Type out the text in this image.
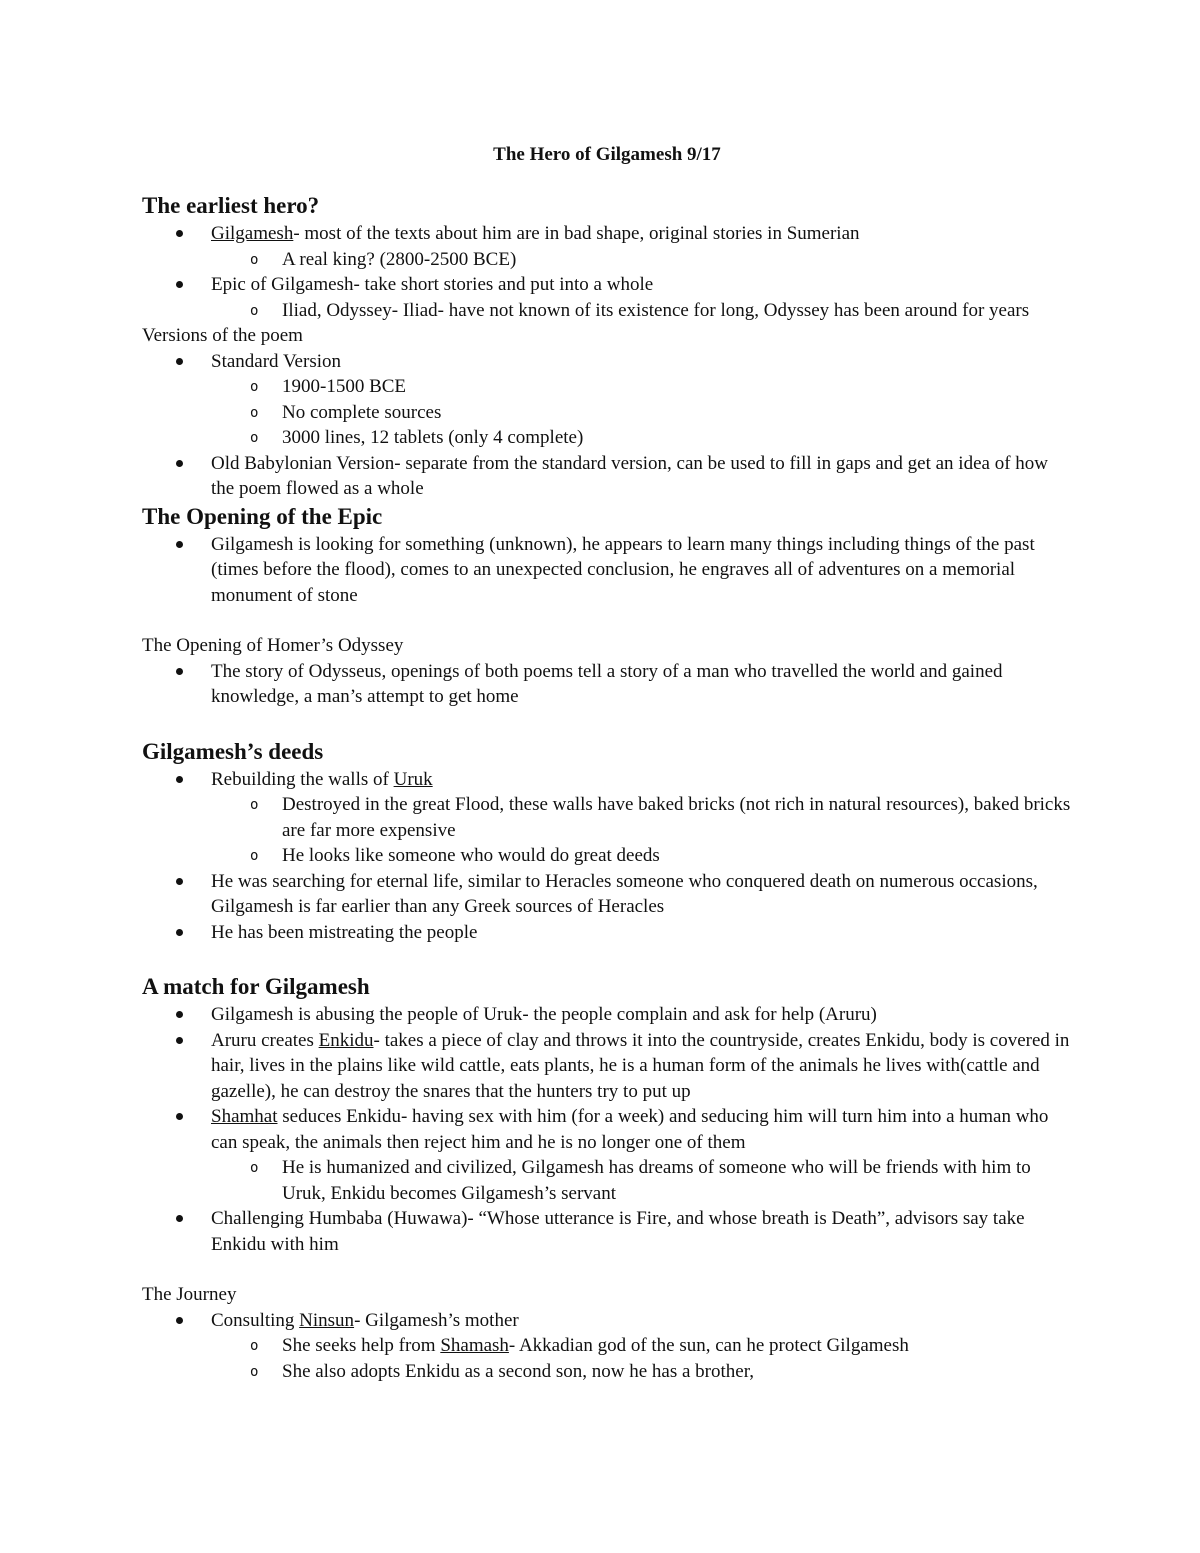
The Hero of Gilgamesh 9/17
The earliest hero?
Gilgamesh- most of the texts about him are in bad shape, original stories in Sumerian
o A real king? (2800-2500 BCE)
Epic of Gilgamesh- take short stories and put into a whole
o Iliad, Odyssey- Iliad- have not known of its existence for long, Odyssey has been around for years

Versions of the poem

Standard Version
o 1900-1500 BCE
o No complete sources
o 3000 lines, 12 tablets (only 4 complete)
Old Babylonian Version- separate from the standard version, can be used to fill in gaps and get an idea of how the poem flowed as a whole
The Opening of the Epic
Gilgamesh is looking for something (unknown), he appears to learn many things including things of the past (times before the flood), comes to an unexpected conclusion, he engraves all of adventures on a memorial monument of stone

The Opening of Homer’s Odyssey

The story of Odysseus, openings of both poems tell a story of a man who travelled the world and gained knowledge, a man’s attempt to get home
Gilgamesh’s deeds
Rebuilding the walls of Uruk
o Destroyed in the great Flood, these walls have baked bricks (not rich in natural resources), baked bricks are far more expensive
o He looks like someone who would do great deeds
He was searching for eternal life, similar to Heracles someone who conquered death on numerous occasions, Gilgamesh is far earlier than any Greek sources of Heracles
He has been mistreating the people
A match for Gilgamesh
Gilgamesh is abusing the people of Uruk- the people complain and ask for help (Aruru)
Aruru creates Enkidu- takes a piece of clay and throws it into the countryside, creates Enkidu, body is covered in hair, lives in the plains like wild cattle, eats plants, he is a human form of the animals he lives with(cattle and gazelle), he can destroy the snares that the hunters try to put up
Shamhat seduces Enkidu- having sex with him (for a week) and seducing him will turn him into a human who can speak, the animals then reject him and he is no longer one of them
o He is humanized and civilized, Gilgamesh has dreams of someone who will be friends with him to Uruk, Enkidu becomes Gilgamesh’s servant
Challenging Humbaba (Huwawa)- “Whose utterance is Fire, and whose breath is Death”, advisors say take Enkidu with him

The Journey

Consulting Ninsun- Gilgamesh’s mother
o She seeks help from Shamash- Akkadian god of the sun, can he protect Gilgamesh
o She also adopts Enkidu as a second son, now he has a brother,
